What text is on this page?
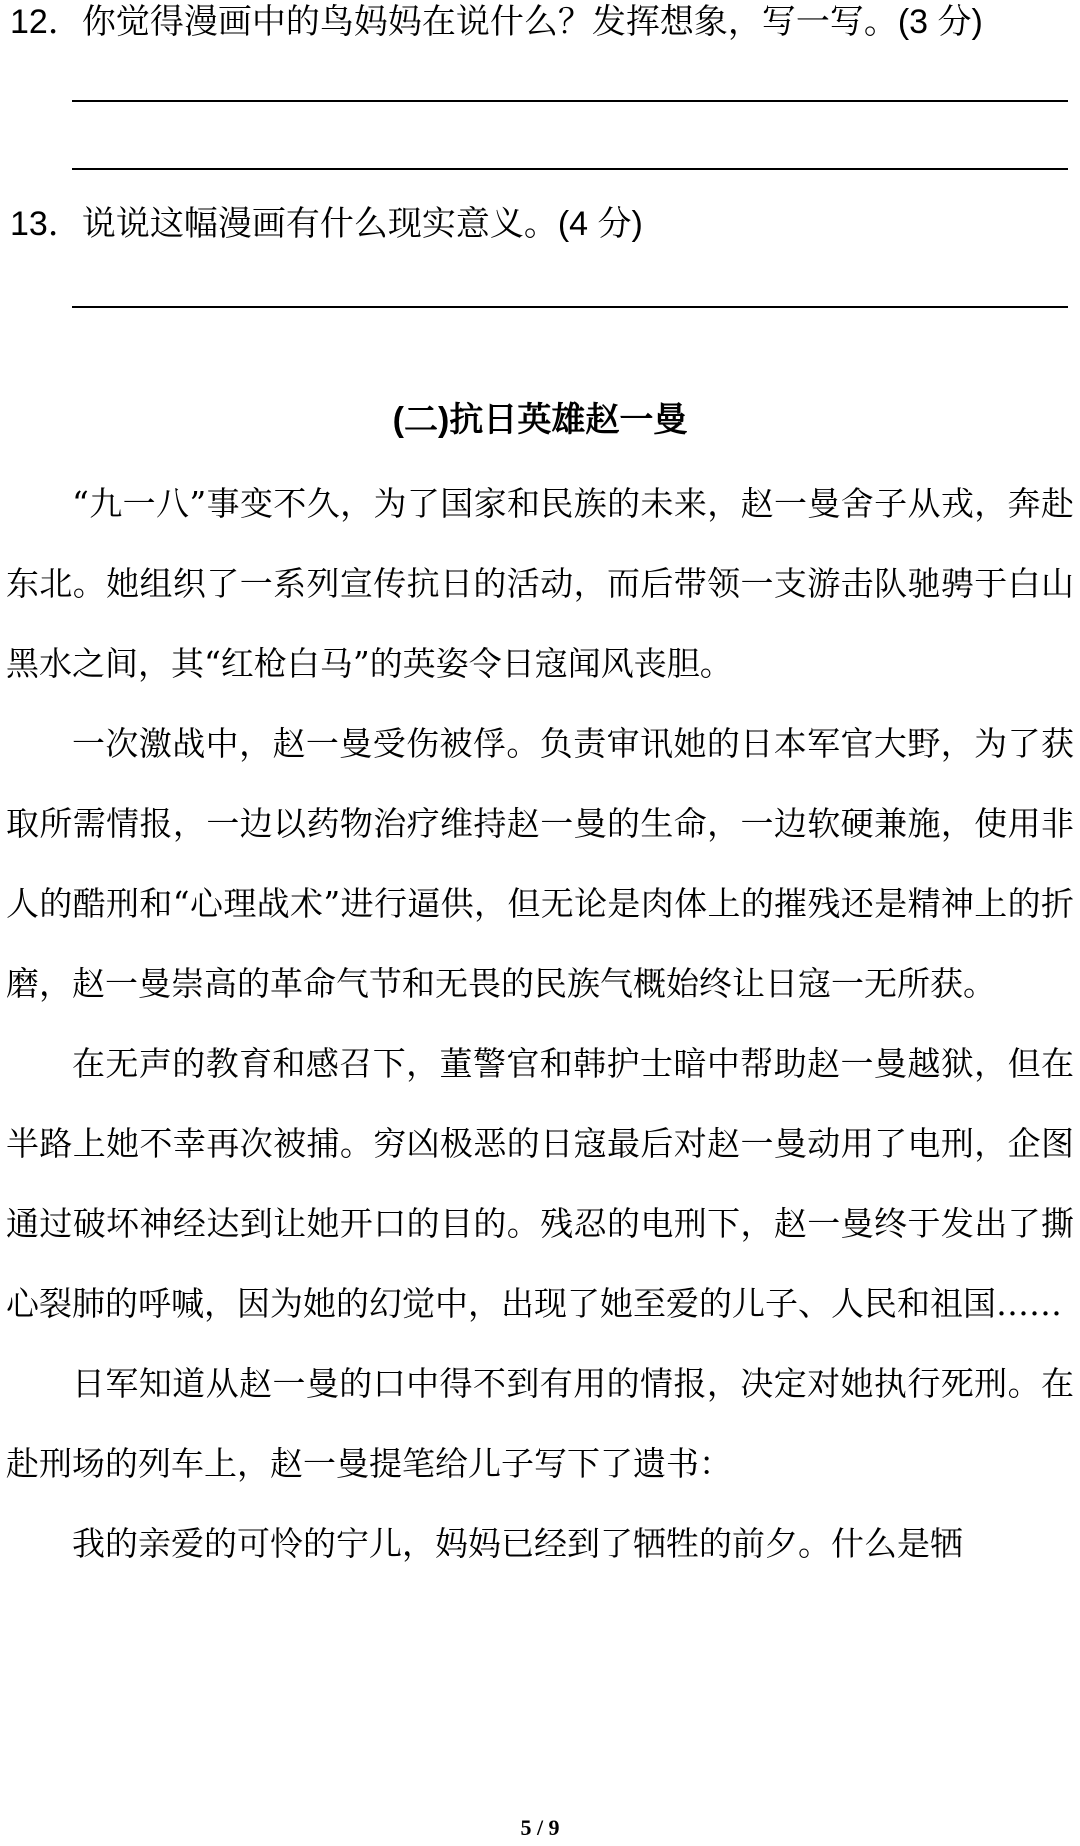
12．你觉得漫画中的鸟妈妈在说什么？发挥想象，写一写。(3 分)
13．说说这幅漫画有什么现实意义。(4 分)
(二)抗日英雄赵一曼

“九一八”事变不久，为了国家和民族的未来，赵一曼舍子从戎，奔赴东北。她组织了一系列宣传抗日的活动，而后带领一支游击队驰骋于白山黑水之间，其“红枪白马”的英姿令日寇闻风丧胆。

一次激战中，赵一曼受伤被俘。负责审讯她的日本军官大野，为了获取所需情报，一边以药物治疗维持赵一曼的生命，一边软硬兼施，使用非人的酷刑和“心理战术”进行逼供，但无论是肉体上的摧残还是精神上的折磨，赵一曼崇高的革命气节和无畏的民族气概始终让日寇一无所获。

在无声的教育和感召下，董警官和韩护士暗中帮助赵一曼越狱，但在半路上她不幸再次被捕。穷凶极恶的日寇最后对赵一曼动用了电刑，企图通过破坏神经达到让她开口的目的。残忍的电刑下，赵一曼终于发出了撕心裂肺的呼喊，因为她的幻觉中，出现了她至爱的儿子、人民和祖国……

日军知道从赵一曼的口中得不到有用的情报，决定对她执行死刑。在赴刑场的列车上，赵一曼提笔给儿子写下了遗书：

我的亲爱的可怜的宁儿，妈妈已经到了牺牲的前夕。什么是牺

5 / 9
